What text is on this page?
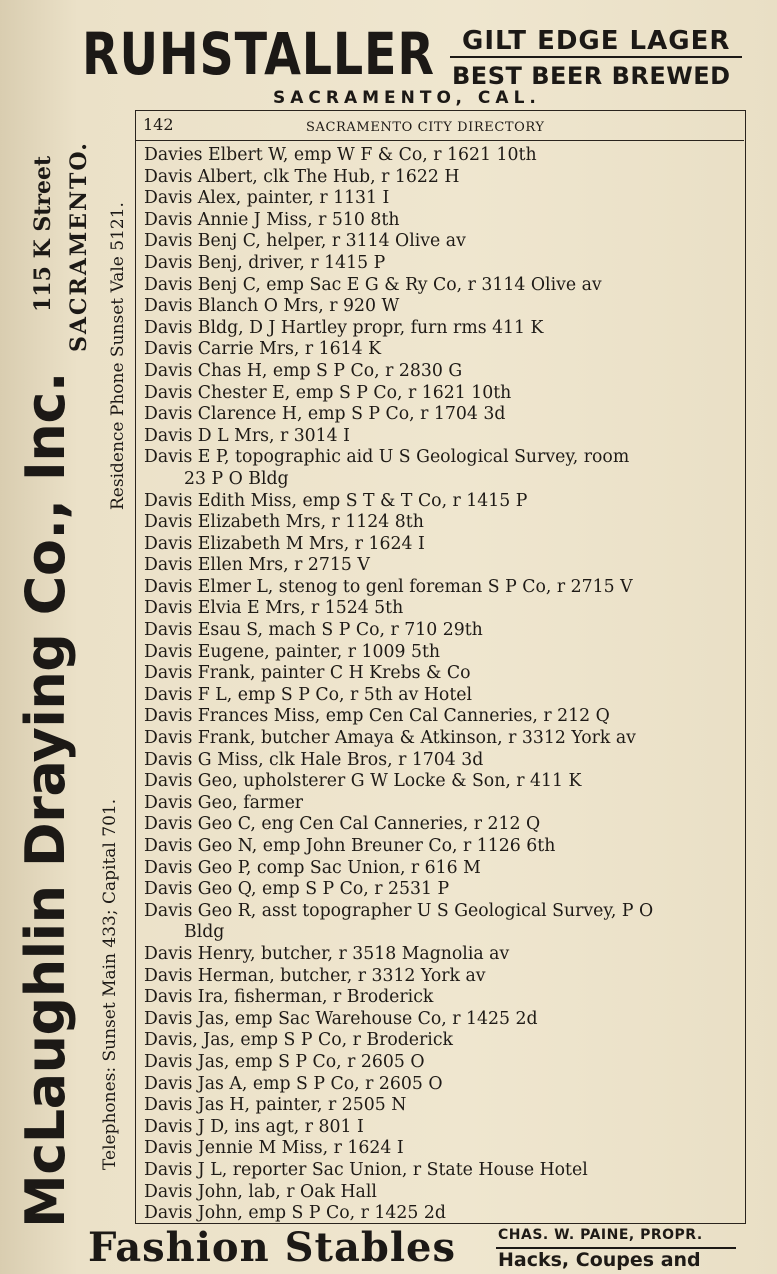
RUHSTALLER GILT EDGE LAGER
BEST BEER BREWED
SACRAMENTO, CAL.
McLaughlin Draying Co., Inc. Telephones: Sunset Main 433; Capital 701.
115 K Street	Residence Phone Sunset Vale 5121.
SACRAMENTO.
142	SACRAMENTO CITY DIRECTORY
Davies Elbert W, emp W F & Co, r 1621 10th
Davis Albert, clk The Hub, r 1622 H
Davis Alex, painter, r 1131 I
Davis Annie J Miss, r 510 8th
Davis Benj C, helper, r 3114 Olive av
Davis Benj, driver, r 1415 P
Davis Benj C, emp Sac E G & Ry Co, r 3114 Olive av
Davis Blanch O Mrs, r 920 W
Davis Bldg, D J Hartley propr, furn rms 411 K
Davis Carrie Mrs, r 1614 K
Davis Chas H, emp S P Co, r 2830 G
Davis Chester E, emp S P Co, r 1621 10th
Davis Clarence H, emp S P Co, r 1704 3d
Davis D L Mrs, r 3014 I
Davis E P, topographic aid U S Geological Survey, room
23 P O Bldg
Davis Edith Miss, emp S T & T Co, r 1415 P
Davis Elizabeth Mrs, r 1124 8th
Davis Elizabeth M Mrs, r 1624 I
Davis Ellen Mrs, r 2715 V
Davis Elmer L, stenog to genl foreman S P Co, r 2715 V
Davis Elvia E Mrs, r 1524 5th
Davis Esau S, mach S P Co, r 710 29th
Davis Eugene, painter, r 1009 5th
Davis Frank, painter C H Krebs & Co
Davis F L, emp S P Co, r 5th av Hotel
Davis Frances Miss, emp Cen Cal Canneries, r 212 Q
Davis Frank, butcher Amaya & Atkinson, r 3312 York av
Davis G Miss, clk Hale Bros, r 1704 3d
Davis Geo, upholsterer G W Locke & Son, r 411 K
Davis Geo, farmer
Davis Geo C, eng Cen Cal Canneries, r 212 Q
Davis Geo N, emp John Breuner Co, r 1126 6th
Davis Geo P, comp Sac Union, r 616 M
Davis Geo Q, emp S P Co, r 2531 P
Davis Geo R, asst topographer U S Geological Survey, P O
Bldg
Davis Henry, butcher, r 3518 Magnolia av
Davis Herman, butcher, r 3312 York av
Davis Ira, fisherman, r Broderick
Davis Jas, emp Sac Warehouse Co, r 1425 2d
Davis, Jas, emp S P Co, r Broderick
Davis Jas, emp S P Co, r 2605 O
Davis Jas A, emp S P Co, r 2605 O
Davis Jas H, painter, r 2505 N
Davis J D, ins agt, r 801 I
Davis Jennie M Miss, r 1624 I
Davis J L, reporter Sac Union, r State House Hotel
Davis John, lab, r Oak Hall
Davis John, emp S P Co, r 1425 2d
Fashion Stables	CHAS. W. PAINE, PROPR.
Hacks, Coupes and
